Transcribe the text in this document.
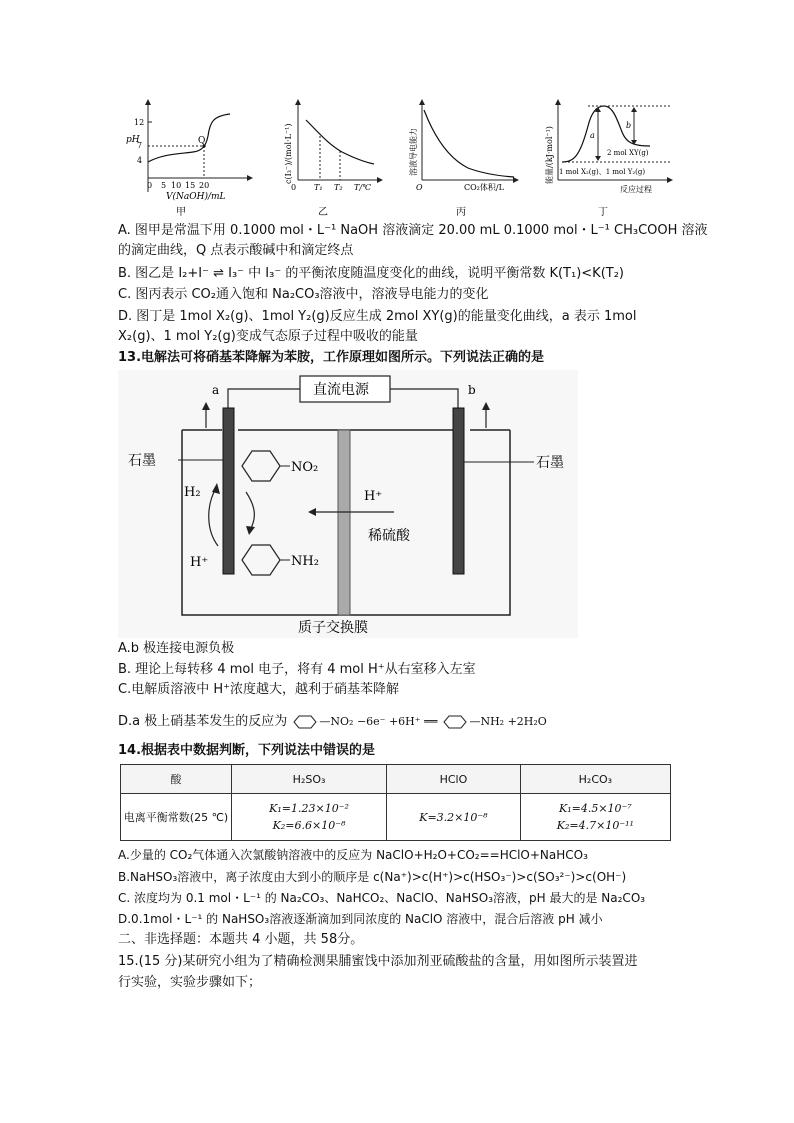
pH
12
7
4
Q
0 5 10 15 20
V(NaOH)/mL
甲
c(I₃⁻)/(mol·L⁻¹)
0 T₁ T₂ T/℃
乙
溶液导电能力
O	CO₂体积/L
丙
能量/(kJ·mol⁻¹)	a
b
2 mol XY(g)
1 mol X₂(g)、1 mol Y₂(g)
反应过程
丁
A. 图甲是常温下用 0.1000 mol・L⁻¹ NaOH 溶液滴定 20.00 mL 0.1000 mol・L⁻¹ CH₃COOH 溶液
的滴定曲线，Q 点表示酸碱中和滴定终点
B. 图乙是 I₂+I⁻ ⇌ I₃⁻ 中 I₃⁻ 的平衡浓度随温度变化的曲线，说明平衡常数 K(T₁)<K(T₂)
C. 图丙表示 CO₂通入饱和 Na₂CO₃溶液中，溶液导电能力的变化
D. 图丁是 1mol X₂(g)、1mol Y₂(g)反应生成 2mol XY(g)的能量变化曲线，a 表示 1mol
X₂(g)、1 mol Y₂(g)变成气态原子过程中吸收的能量
13.电解法可将硝基苯降解为苯胺，工作原理如图所示。下列说法正确的是
直流电源
a	b
石墨	石墨
NO₂
NH₂
H₂
H⁺
H⁺
稀硫酸
质子交换膜
A.b 极连接电源负极
B. 理论上每转移 4 mol 电子，将有 4 mol H⁺从右室移入左室
C.电解质溶液中 H⁺浓度越大，越利于硝基苯降解
D.a 极上硝基苯发生的反应为	—NO₂ −6e⁻ +6H⁺ ══	—NH₂ +2H₂O
14.根据表中数据判断，下列说法中错误的是
酸	H₂SO₃	HClO	H₂CO₃
电离平衡常数(25 ℃)	K₁=1.23×10⁻²
K₂=6.6×10⁻⁸	K=3.2×10⁻⁸	K₁=4.5×10⁻⁷
K₂=4.7×10⁻¹¹
A.少量的 CO₂气体通入次氯酸钠溶液中的反应为 NaClO+H₂O+CO₂==HClO+NaHCO₃
B.NaHSO₃溶液中，离子浓度由大到小的顺序是 c(Na⁺)>c(H⁺)>c(HSO₃⁻)>c(SO₃²⁻)>c(OH⁻)
C. 浓度均为 0.1 mol・L⁻¹ 的 Na₂CO₃、NaHCO₂、NaClO、NaHSO₃溶液，pH 最大的是 Na₂CO₃
D.0.1mol・L⁻¹ 的 NaHSO₃溶液逐渐滴加到同浓度的 NaClO 溶液中，混合后溶液 pH 减小
二、非选择题：本题共 4 小题，共 58分。
15.(15 分)某研究小组为了精确检测果脯蜜饯中添加剂亚硫酸盐的含量，用如图所示装置进
行实验，实验步骤如下；
